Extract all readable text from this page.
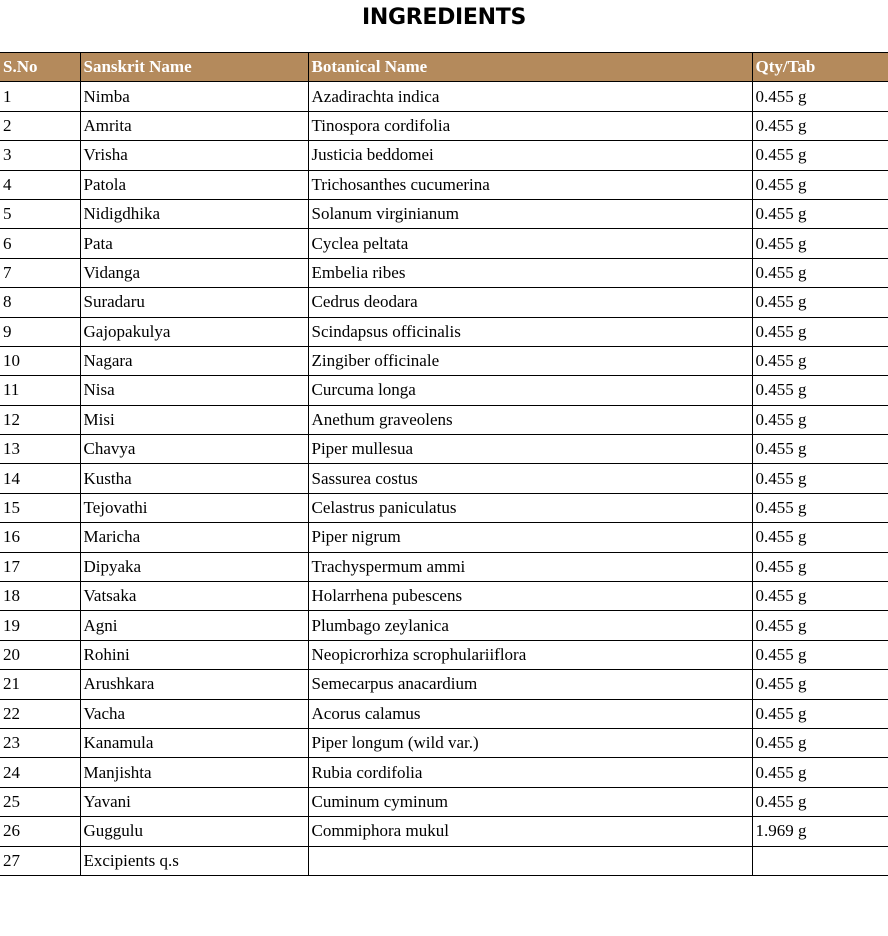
INGREDIENTS
S.No	Sanskrit Name	Botanical Name	Qty/Tab
1	Nimba	Azadirachta indica	0.455 g
2	Amrita	Tinospora cordifolia	0.455 g
3	Vrisha	Justicia beddomei	0.455 g
4	Patola	Trichosanthes cucumerina	0.455 g
5	Nidigdhika	Solanum virginianum	0.455 g
6	Pata	Cyclea peltata	0.455 g
7	Vidanga	Embelia ribes	0.455 g
8	Suradaru	Cedrus deodara	0.455 g
9	Gajopakulya	Scindapsus officinalis	0.455 g
10	Nagara	Zingiber officinale	0.455 g
11	Nisa	Curcuma longa	0.455 g
12	Misi	Anethum graveolens	0.455 g
13	Chavya	Piper mullesua	0.455 g
14	Kustha	Sassurea costus	0.455 g
15	Tejovathi	Celastrus paniculatus	0.455 g
16	Maricha	Piper nigrum	0.455 g
17	Dipyaka	Trachyspermum ammi	0.455 g
18	Vatsaka	Holarrhena pubescens	0.455 g
19	Agni	Plumbago zeylanica	0.455 g
20	Rohini	Neopicrorhiza scrophulariiflora	0.455 g
21	Arushkara	Semecarpus anacardium	0.455 g
22	Vacha	Acorus calamus	0.455 g
23	Kanamula	Piper longum (wild var.)	0.455 g
24	Manjishta	Rubia cordifolia	0.455 g
25	Yavani	Cuminum cyminum	0.455 g
26	Guggulu	Commiphora mukul	1.969 g
27	Excipients q.s		
